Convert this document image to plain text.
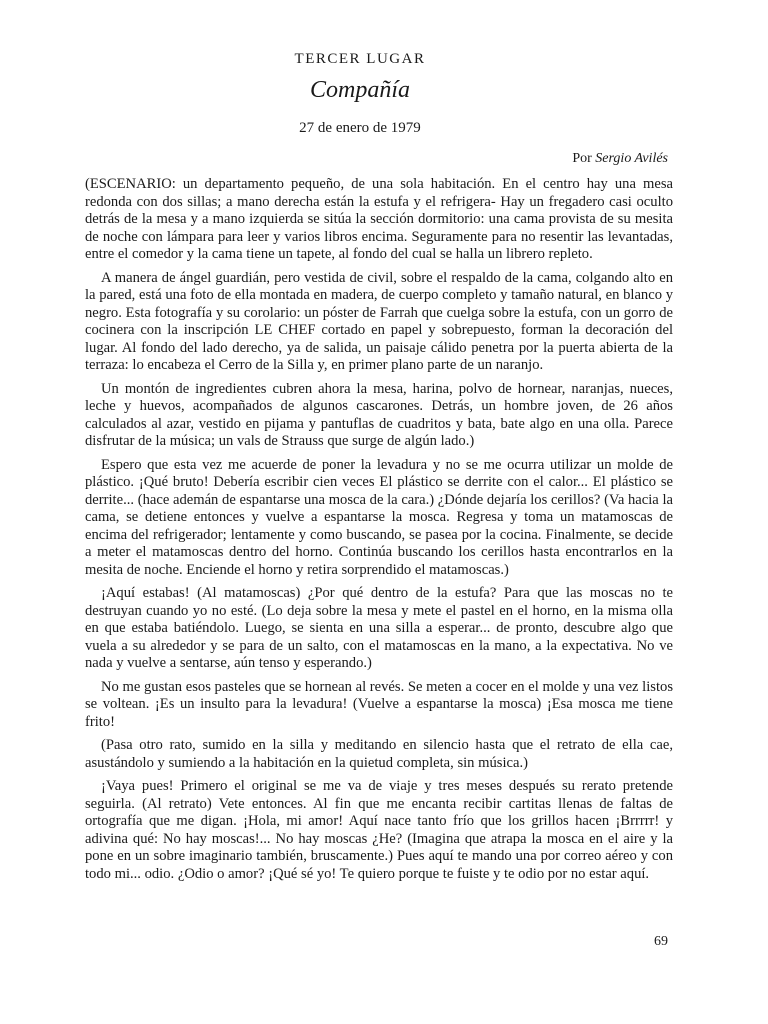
TERCER LUGAR
Compañía
27 de enero de 1979
Por Sergio Avilés

(ESCENARIO: un departamento pequeño, de una sola habitación. En el centro hay una mesa redonda con dos sillas; a mano derecha están la estufa y el refrigera- Hay un fregadero casi oculto detrás de la mesa y a mano izquierda se sitúa la sección dormitorio: una cama provista de su mesita de noche con lámpara para leer y varios libros encima. Seguramente para no resentir las levantadas, entre el comedor y la cama tiene un tapete, al fondo del cual se halla un librero repleto.

A manera de ángel guardián, pero vestida de civil, sobre el respaldo de la cama, colgando alto en la pared, está una foto de ella montada en madera, de cuerpo completo y tamaño natural, en blanco y negro. Esta fotografía y su corolario: un póster de Farrah que cuelga sobre la estufa, con un gorro de cocinera con la inscripción LE CHEF cortado en papel y sobrepuesto, forman la decoración del lugar. Al fondo del lado derecho, ya de salida, un paisaje cálido penetra por la puerta abierta de la terraza: lo encabeza el Cerro de la Silla y, en primer plano parte de un naranjo.

Un montón de ingredientes cubren ahora la mesa, harina, polvo de hornear, naranjas, nueces, leche y huevos, acompañados de algunos cascarones. Detrás, un hombre joven, de 26 años calculados al azar, vestido en pijama y pantuflas de cuadritos y bata, bate algo en una olla. Parece disfrutar de la música; un vals de Strauss que surge de algún lado.)

Espero que esta vez me acuerde de poner la levadura y no se me ocurra utilizar un molde de plástico. ¡Qué bruto! Debería escribir cien veces El plástico se derrite con el calor... El plástico se derrite... (hace ademán de espantarse una mosca de la cara.) ¿Dónde dejaría los cerillos? (Va hacia la cama, se detiene entonces y vuelve a espantarse la mosca. Regresa y toma un matamoscas de encima del refrigerador; lentamente y como buscando, se pasea por la cocina. Finalmente, se decide a meter el matamoscas dentro del horno. Continúa buscando los cerillos hasta encontrarlos en la mesita de noche. Enciende el horno y retira sorprendido el matamoscas.)

¡Aquí estabas! (Al matamoscas) ¿Por qué dentro de la estufa? Para que las moscas no te destruyan cuando yo no esté. (Lo deja sobre la mesa y mete el pastel en el horno, en la misma olla en que estaba batiéndolo. Luego, se sienta en una silla a esperar... de pronto, descubre algo que vuela a su alrededor y se para de un salto, con el matamoscas en la mano, a la expectativa. No ve nada y vuelve a sentarse, aún tenso y esperando.)

No me gustan esos pasteles que se hornean al revés. Se meten a cocer en el molde y una vez listos se voltean. ¡Es un insulto para la levadura! (Vuelve a espantarse la mosca) ¡Esa mosca me tiene frito!

(Pasa otro rato, sumido en la silla y meditando en silencio hasta que el retrato de ella cae, asustándolo y sumiendo a la habitación en la quietud completa, sin música.)

¡Vaya pues! Primero el original se me va de viaje y tres meses después su rerato pretende seguirla. (Al retrato) Vete entonces. Al fin que me encanta recibir cartitas llenas de faltas de ortografía que me digan. ¡Hola, mi amor! Aquí nace tanto frío que los grillos hacen ¡Brrrrr! y adivina qué: No hay moscas!... No hay moscas ¿He? (Imagina que atrapa la mosca en el aire y la pone en un sobre imaginario también, bruscamente.) Pues aquí te mando una por correo aéreo y con todo mi... odio. ¿Odio o amor? ¡Qué sé yo! Te quiero porque te fuiste y te odio por no estar aquí.

69
